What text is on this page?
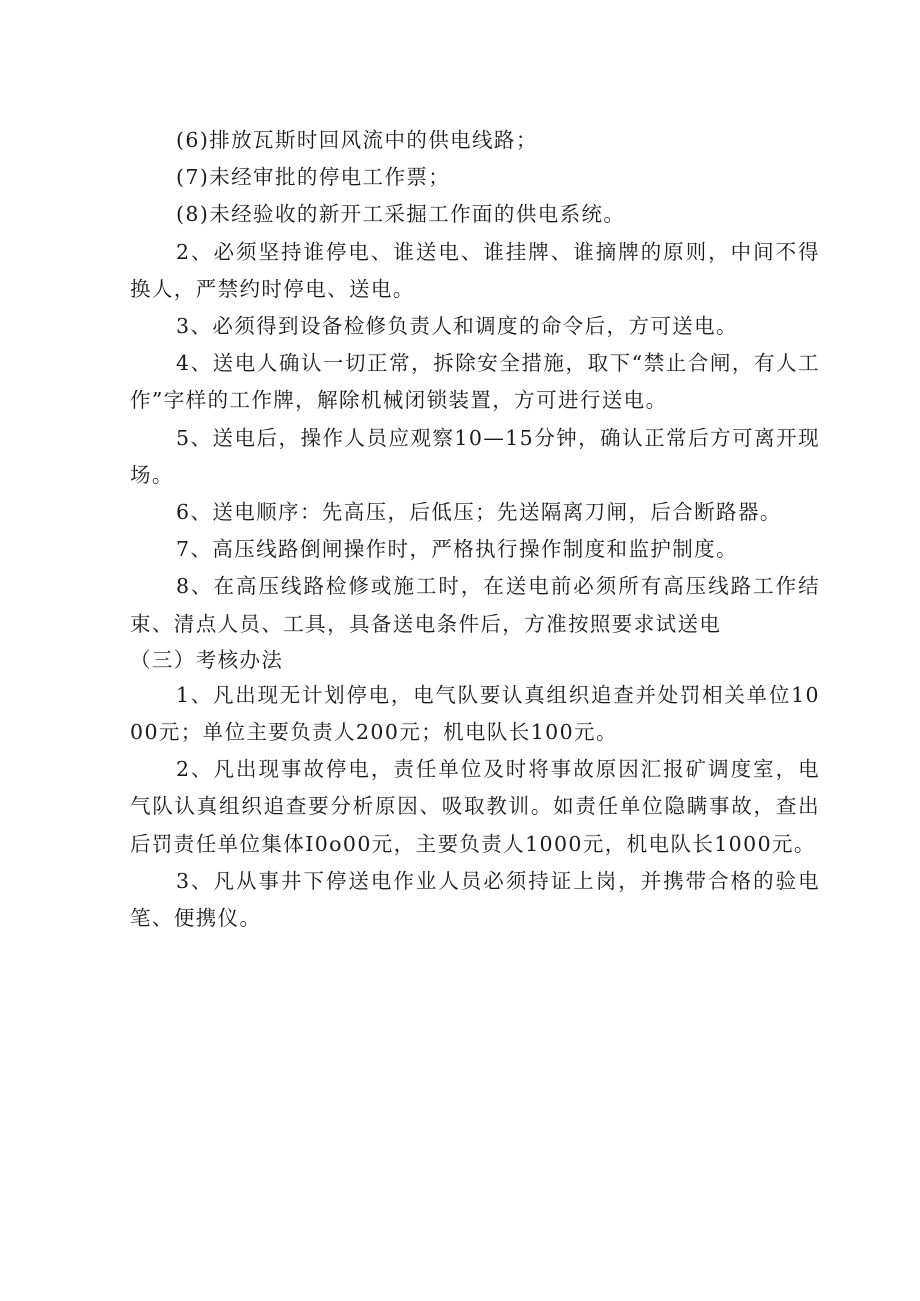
(6)排放瓦斯时回风流中的供电线路；

(7)未经审批的停电工作票；

(8)未经验收的新开工采掘工作面的供电系统。

2、必须坚持谁停电、谁送电、谁挂牌、谁摘牌的原则，中间不得换人，严禁约时停电、送电。

3、必须得到设备检修负责人和调度的命令后，方可送电。

4、送电人确认一切正常，拆除安全措施，取下“禁止合闸，有人工作”字样的工作牌，解除机械闭锁装置，方可进行送电。

5、送电后，操作人员应观察10—15分钟，确认正常后方可离开现场。

6、送电顺序：先高压，后低压；先送隔离刀闸，后合断路器。

7、高压线路倒闸操作时，严格执行操作制度和监护制度。

8、在高压线路检修或施工时，在送电前必须所有高压线路工作结束、清点人员、工具，具备送电条件后，方准按照要求试送电

（三）考核办法

1、凡出现无计划停电，电气队要认真组织追查并处罚相关单位1000元；单位主要负责人200元；机电队长100元。

2、凡出现事故停电，责任单位及时将事故原因汇报矿调度室，电气队认真组织追查要分析原因、吸取教训。如责任单位隐瞒事故，查出后罚责任单位集体I0o00元，主要负责人1000元，机电队长1000元。

3、凡从事井下停送电作业人员必须持证上岗，并携带合格的验电笔、便携仪。
